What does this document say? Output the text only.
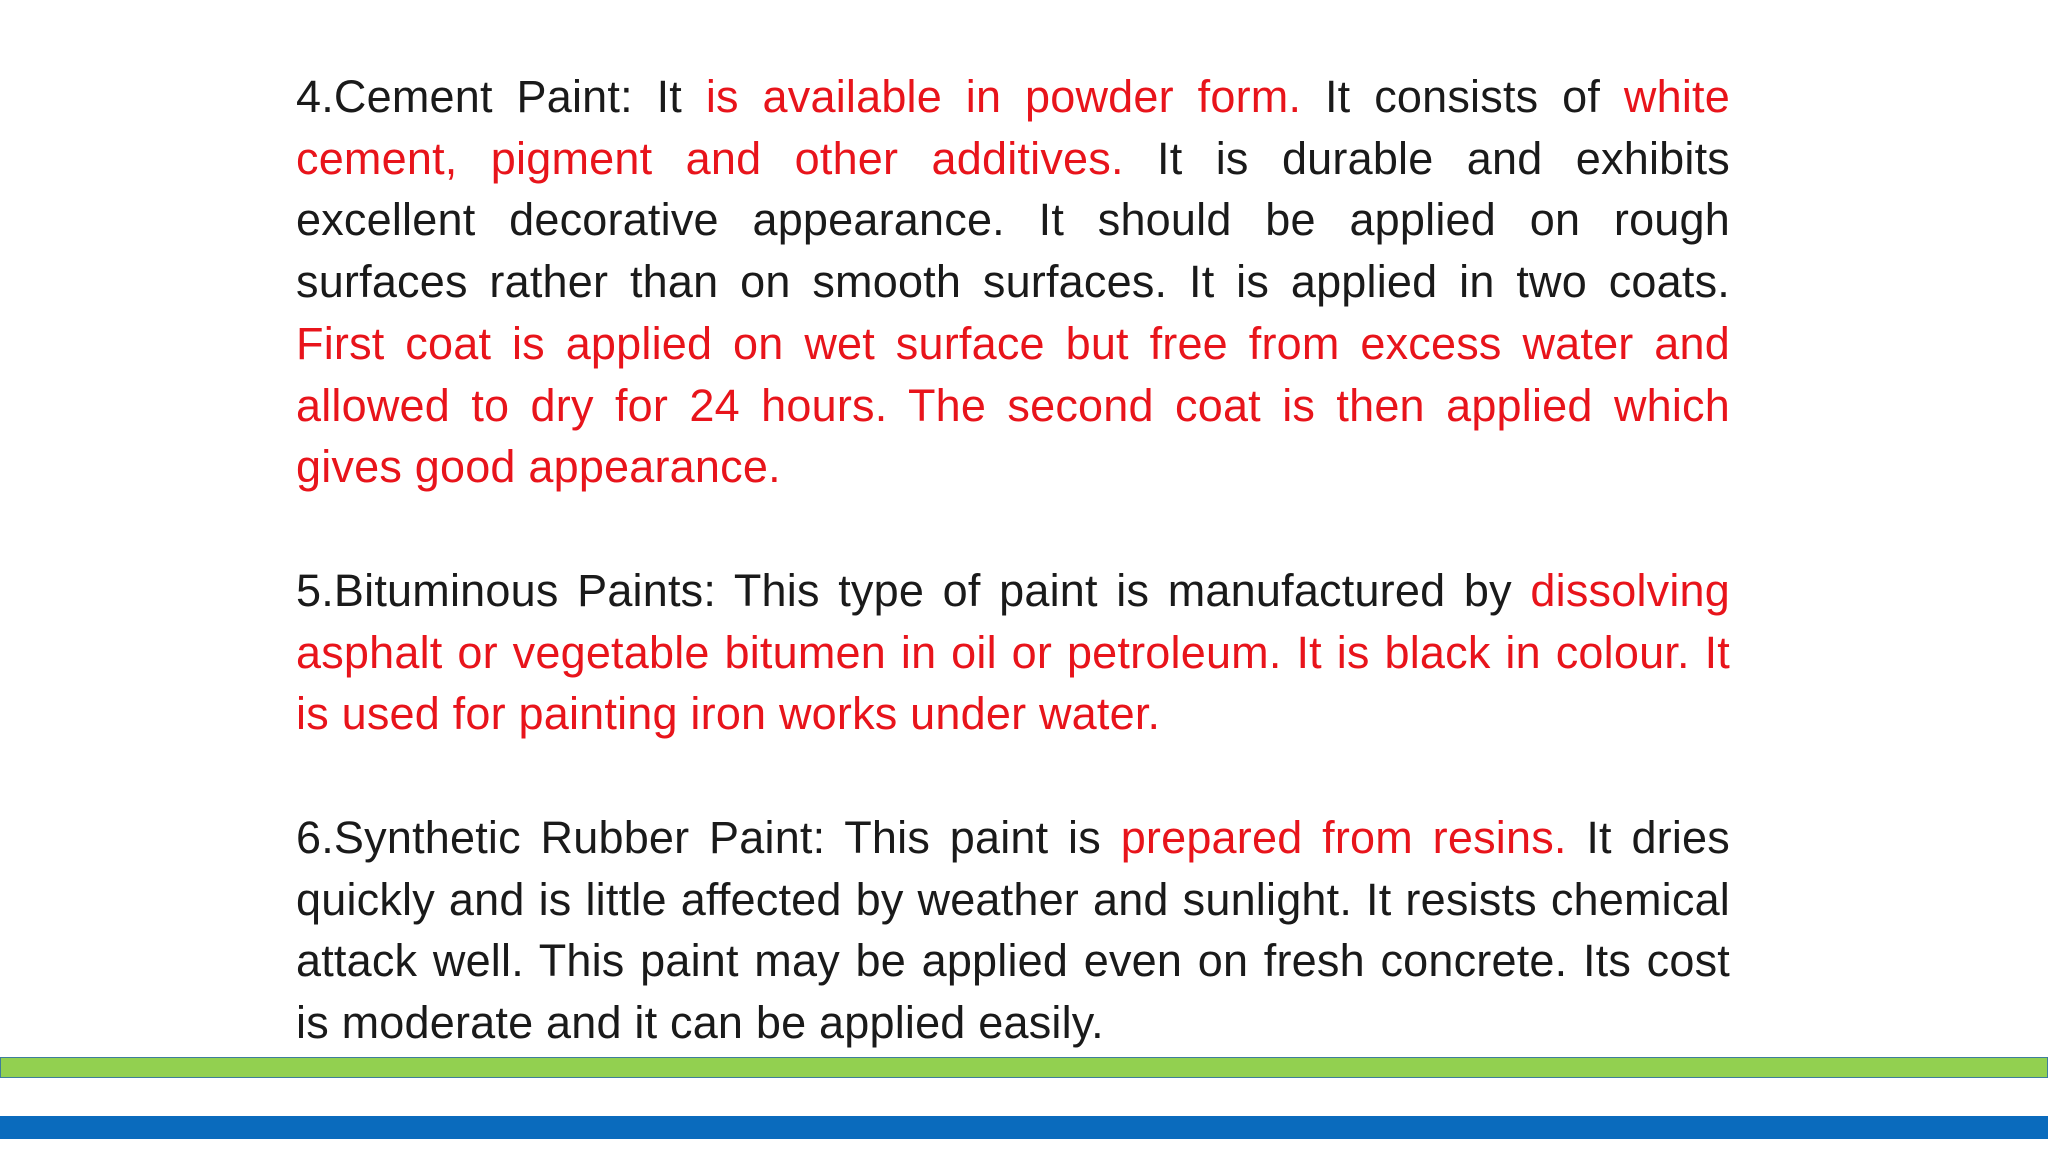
4.Cement Paint: It is available in powder form. It consists of white cement, pigment and other additives. It is durable and exhibits excellent decorative appearance. It should be applied on rough surfaces rather than on smooth surfaces. It is applied in two coats. First coat is applied on wet surface but free from excess water and allowed to dry for 24 hours. The second coat is then applied which gives good appearance.

5.Bituminous Paints: This type of paint is manufactured by dissolving asphalt or vegetable bitumen in oil or petroleum. It is black in colour. It is used for painting iron works under water.

6.Synthetic Rubber Paint: This paint is prepared from resins. It dries quickly and is little affected by weather and sunlight. It resists chemical attack well. This paint may be applied even on fresh concrete. Its cost is moderate and it can be applied easily.
